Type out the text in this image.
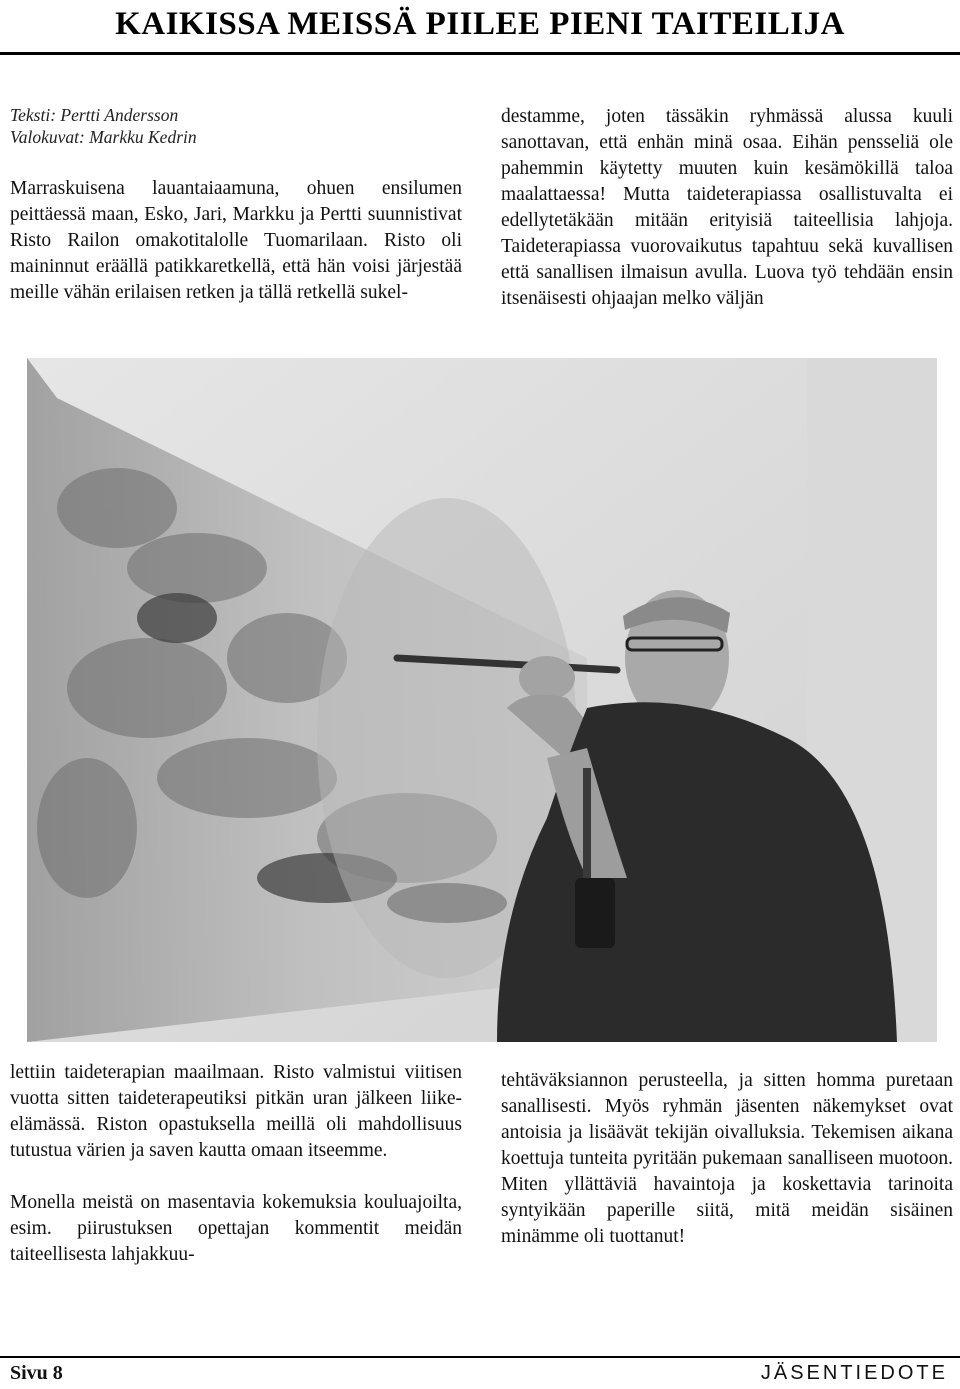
KAIKISSA MEISSÄ PIILEE PIENI TAITEILIJA
Teksti: Pertti Andersson
Valokuvat: Markku Kedrin

Marraskuisena lauantaiaamuna, ohuen ensilumen peittäessä maan, Esko, Jari, Markku ja Pertti suunnistivat Risto Railon omakotitalolle Tuomarilaan. Risto oli maininnut eräällä patikkaretkellä, että hän voisi järjestää meille vähän erilaisen retken ja tällä retkellä sukel-

destamme, joten tässäkin ryhmässä alussa kuuli sanottavan, että enhän minä osaa. Eihän pensseliä ole pahemmin käytetty muuten kuin kesämökillä taloa maalattaessa! Mutta taideterapiassa osallistuvalta ei edellytetäkään mitään erityisiä taiteellisia lahjoja. Taideterapiassa vuorovaikutus tapahtuu sekä kuvallisen että sanallisen ilmaisun avulla. Luova työ tehdään ensin itsenäisesti ohjaajan melko väljän

lettiin taideterapian maailmaan. Risto valmistui viitisen vuotta sitten taideterapeutiksi pitkän uran jälkeen liike-elämässä. Riston opastuksella meillä oli mahdollisuus tutustua värien ja saven kautta omaan itseemme.

Monella meistä on masentavia kokemuksia kouluajoilta, esim. piirustuksen opettajan kommentit meidän taiteellisesta lahjakkuu-

tehtäväksiannon perusteella, ja sitten homma puretaan sanallisesti. Myös ryhmän jäsenten näkemykset ovat antoisia ja lisäävät tekijän oivalluksia. Tekemisen aikana koettuja tunteita pyritään pukemaan sanalliseen muotoon. Miten yllättäviä havaintoja ja koskettavia tarinoita syntyikään paperille siitä, mitä meidän sisäinen minämme oli tuottanut!

Sivu 8	JÄSENTIEDOTE
